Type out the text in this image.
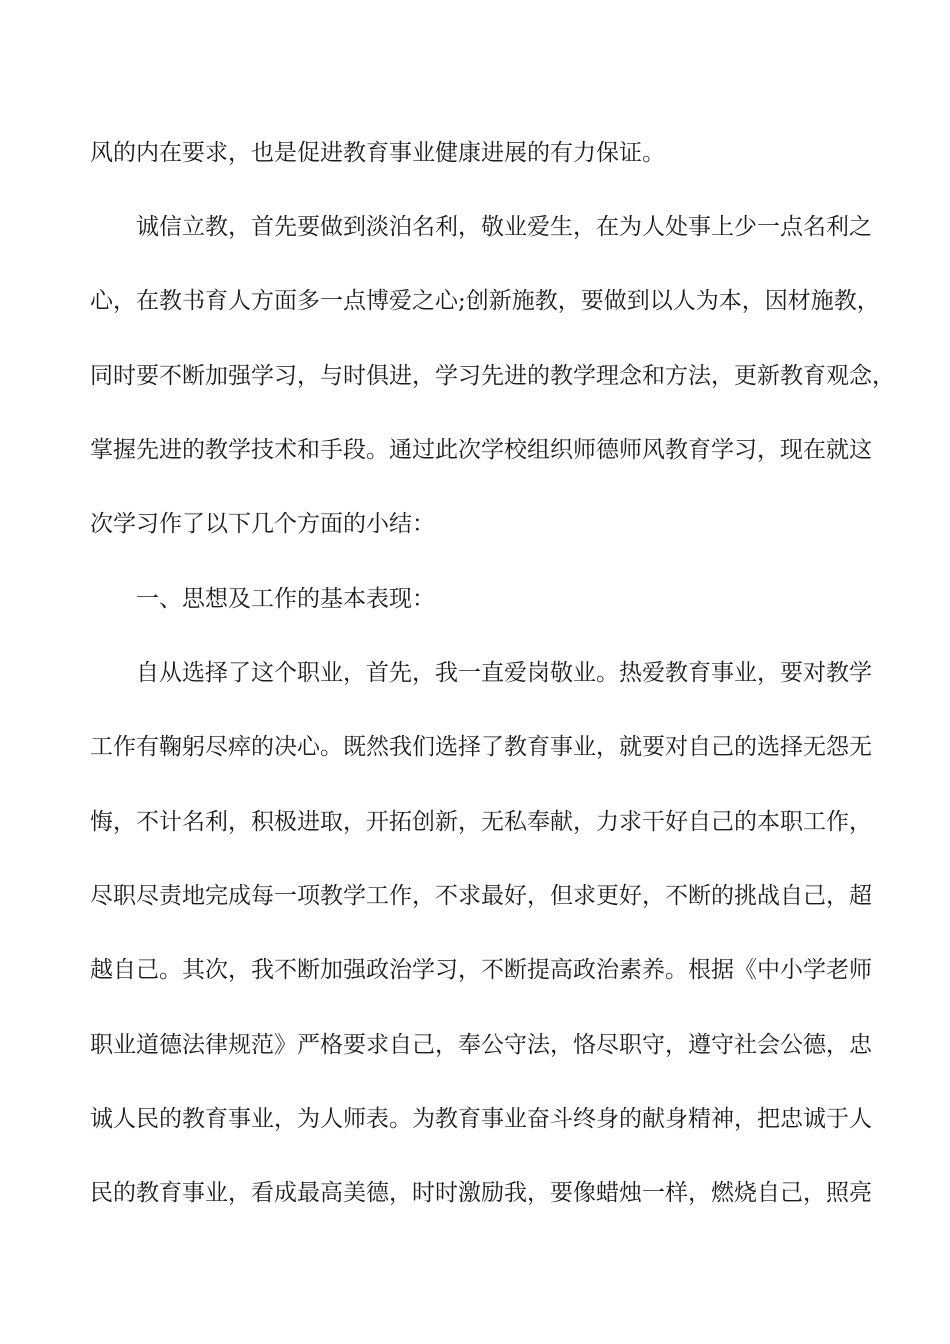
风的内在要求，也是促进教育事业健康进展的有力保证。
诚信立教，首先要做到淡泊名利，敬业爱生，在为人处事上少一点名利之
心，在教书育人方面多一点博爱之心;创新施教，要做到以人为本，因材施教，
同时要不断加强学习，与时俱进，学习先进的教学理念和方法，更新教育观念，
掌握先进的教学技术和手段。通过此次学校组织师德师风教育学习，现在就这
次学习作了以下几个方面的小结：
一、思想及工作的基本表现：
自从选择了这个职业，首先，我一直爱岗敬业。热爱教育事业，要对教学
工作有鞠躬尽瘁的决心。既然我们选择了教育事业，就要对自己的选择无怨无
悔，不计名利，积极进取，开拓创新，无私奉献，力求干好自己的本职工作，
尽职尽责地完成每一项教学工作，不求最好，但求更好，不断的挑战自己，超
越自己。其次，我不断加强政治学习，不断提高政治素养。根据《中小学老师
职业道德法律规范》严格要求自己，奉公守法，恪尽职守，遵守社会公德，忠
诚人民的教育事业，为人师表。为教育事业奋斗终身的献身精神，把忠诚于人
民的教育事业，看成最高美德，时时激励我，要像蜡烛一样，燃烧自己，照亮
